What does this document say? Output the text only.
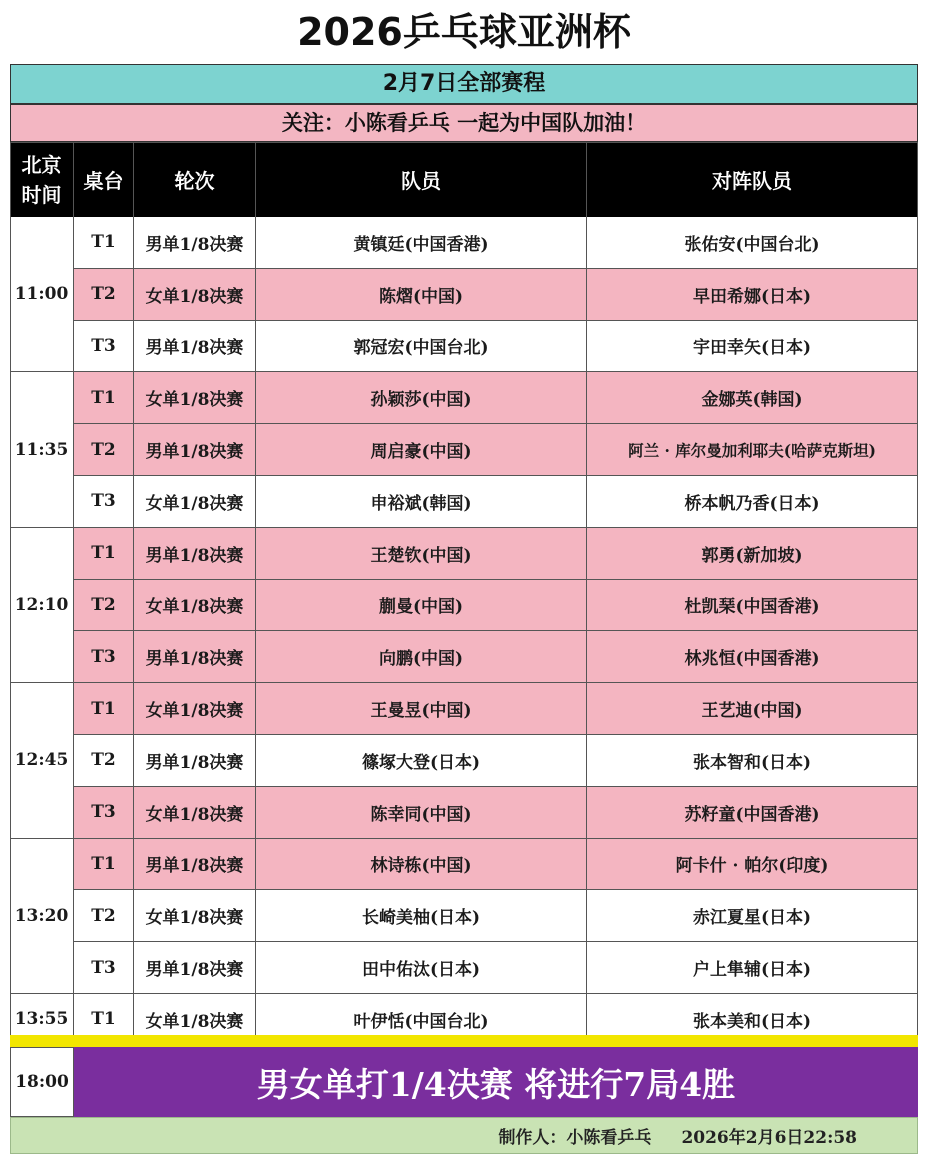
2026乒乓球亚洲杯
2月7日全部赛程
关注：小陈看乒乓 一起为中国队加油！
北京
时间
桌台	轮次	队员	对阵队员
11:00
T1	男单1/8决赛	黄镇廷(中国香港)	张佑安(中国台北)
T2	女单1/8决赛	陈熠(中国)	早田希娜(日本)
T3	男单1/8决赛	郭冠宏(中国台北)	宇田幸矢(日本)
11:35
T1	女单1/8决赛	孙颖莎(中国)	金娜英(韩国)
T2	男单1/8决赛	周启豪(中国)	阿兰 · 库尔曼加利耶夫(哈萨克斯坦)
T3	女单1/8决赛	申裕斌(韩国)	桥本帆乃香(日本)
12:10
T1	男单1/8决赛	王楚钦(中国)	郭勇(新加坡)
T2	女单1/8决赛	蒯曼(中国)	杜凯琹(中国香港)
T3	男单1/8决赛	向鹏(中国)	林兆恒(中国香港)
12:45
T1	女单1/8决赛	王曼昱(中国)	王艺迪(中国)
T2	男单1/8决赛	篠塚大登(日本)	张本智和(日本)
T3	女单1/8决赛	陈幸同(中国)	苏籽童(中国香港)
13:20
T1	男单1/8决赛	林诗栋(中国)	阿卡什 · 帕尔(印度)
T2	女单1/8决赛	长崎美柚(日本)	赤江夏星(日本)
T3	男单1/8决赛	田中佑汰(日本)	户上隼辅(日本)
13:55	T1	女单1/8决赛	叶伊恬(中国台北)	张本美和(日本)
18:00	男女单打1/4决赛 将进行7局4胜
制作人：小陈看乒乓 2026年2月6日22:58
